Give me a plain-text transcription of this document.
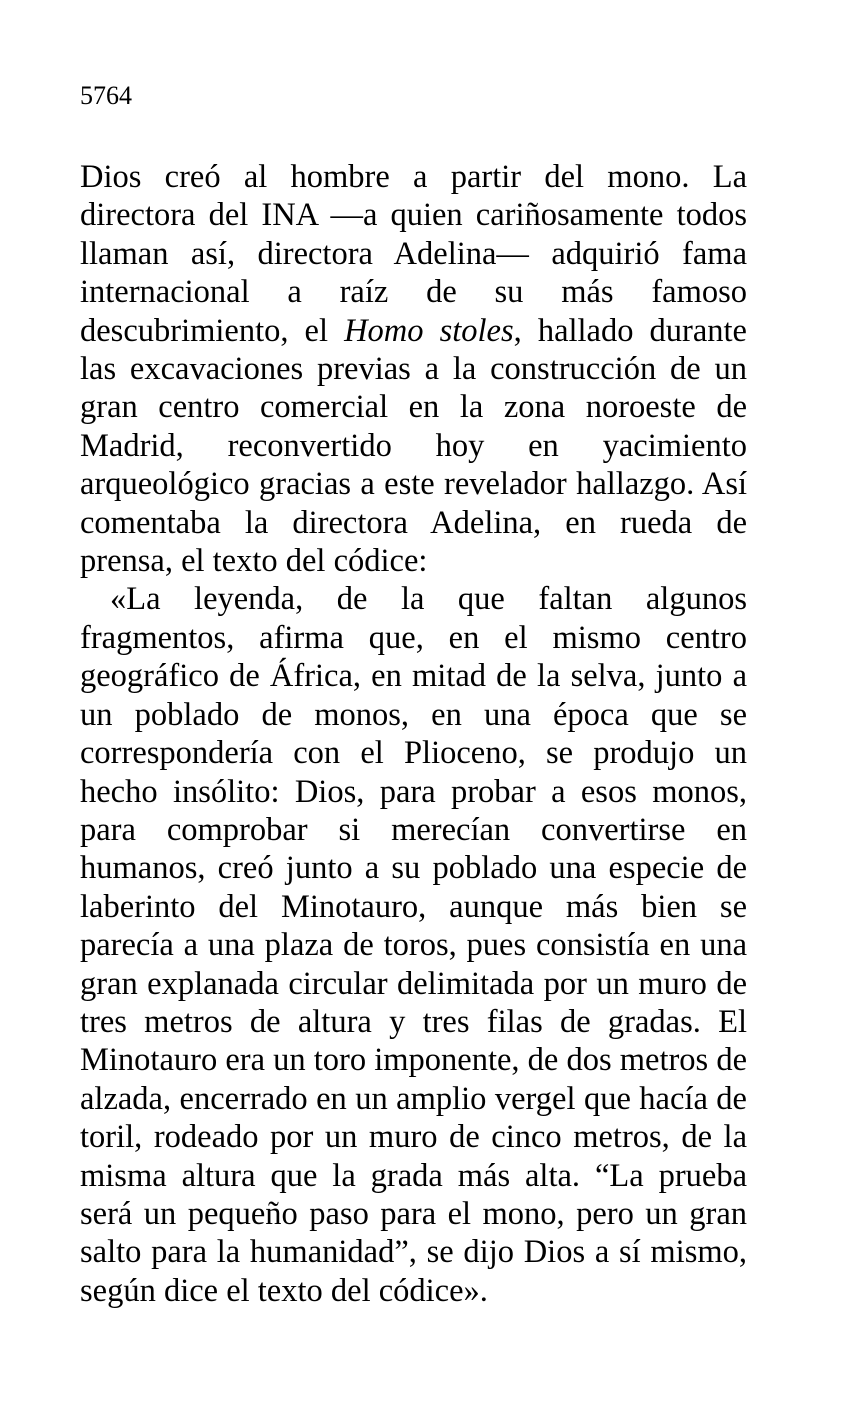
5764

Dios creó al hombre a partir del mono. La directora del INA —a quien cariñosamente todos llaman así, directora Adelina— adquirió fama internacional a raíz de su más famoso descubrimiento, el Homo stoles, hallado durante las excavaciones previas a la construcción de un gran centro comercial en la zona noroeste de Madrid, reconvertido hoy en yacimiento arqueológico gracias a este revelador hallazgo. Así comentaba la directora Adelina, en rueda de prensa, el texto del códice:

«La leyenda, de la que faltan algunos fragmentos, afirma que, en el mismo centro geográfico de África, en mitad de la selva, junto a un poblado de monos, en una época que se correspondería con el Plioceno, se produjo un hecho insólito: Dios, para probar a esos monos, para comprobar si merecían convertirse en humanos, creó junto a su poblado una especie de laberinto del Minotauro, aunque más bien se parecía a una plaza de toros, pues consistía en una gran explanada circular delimitada por un muro de tres metros de altura y tres filas de gradas. El Minotauro era un toro imponente, de dos metros de alzada, encerrado en un amplio vergel que hacía de toril, rodeado por un muro de cinco metros, de la misma altura que la grada más alta. “La prueba será un pequeño paso para el mono, pero un gran salto para la humanidad”, se dijo Dios a sí mismo, según dice el texto del códice».
